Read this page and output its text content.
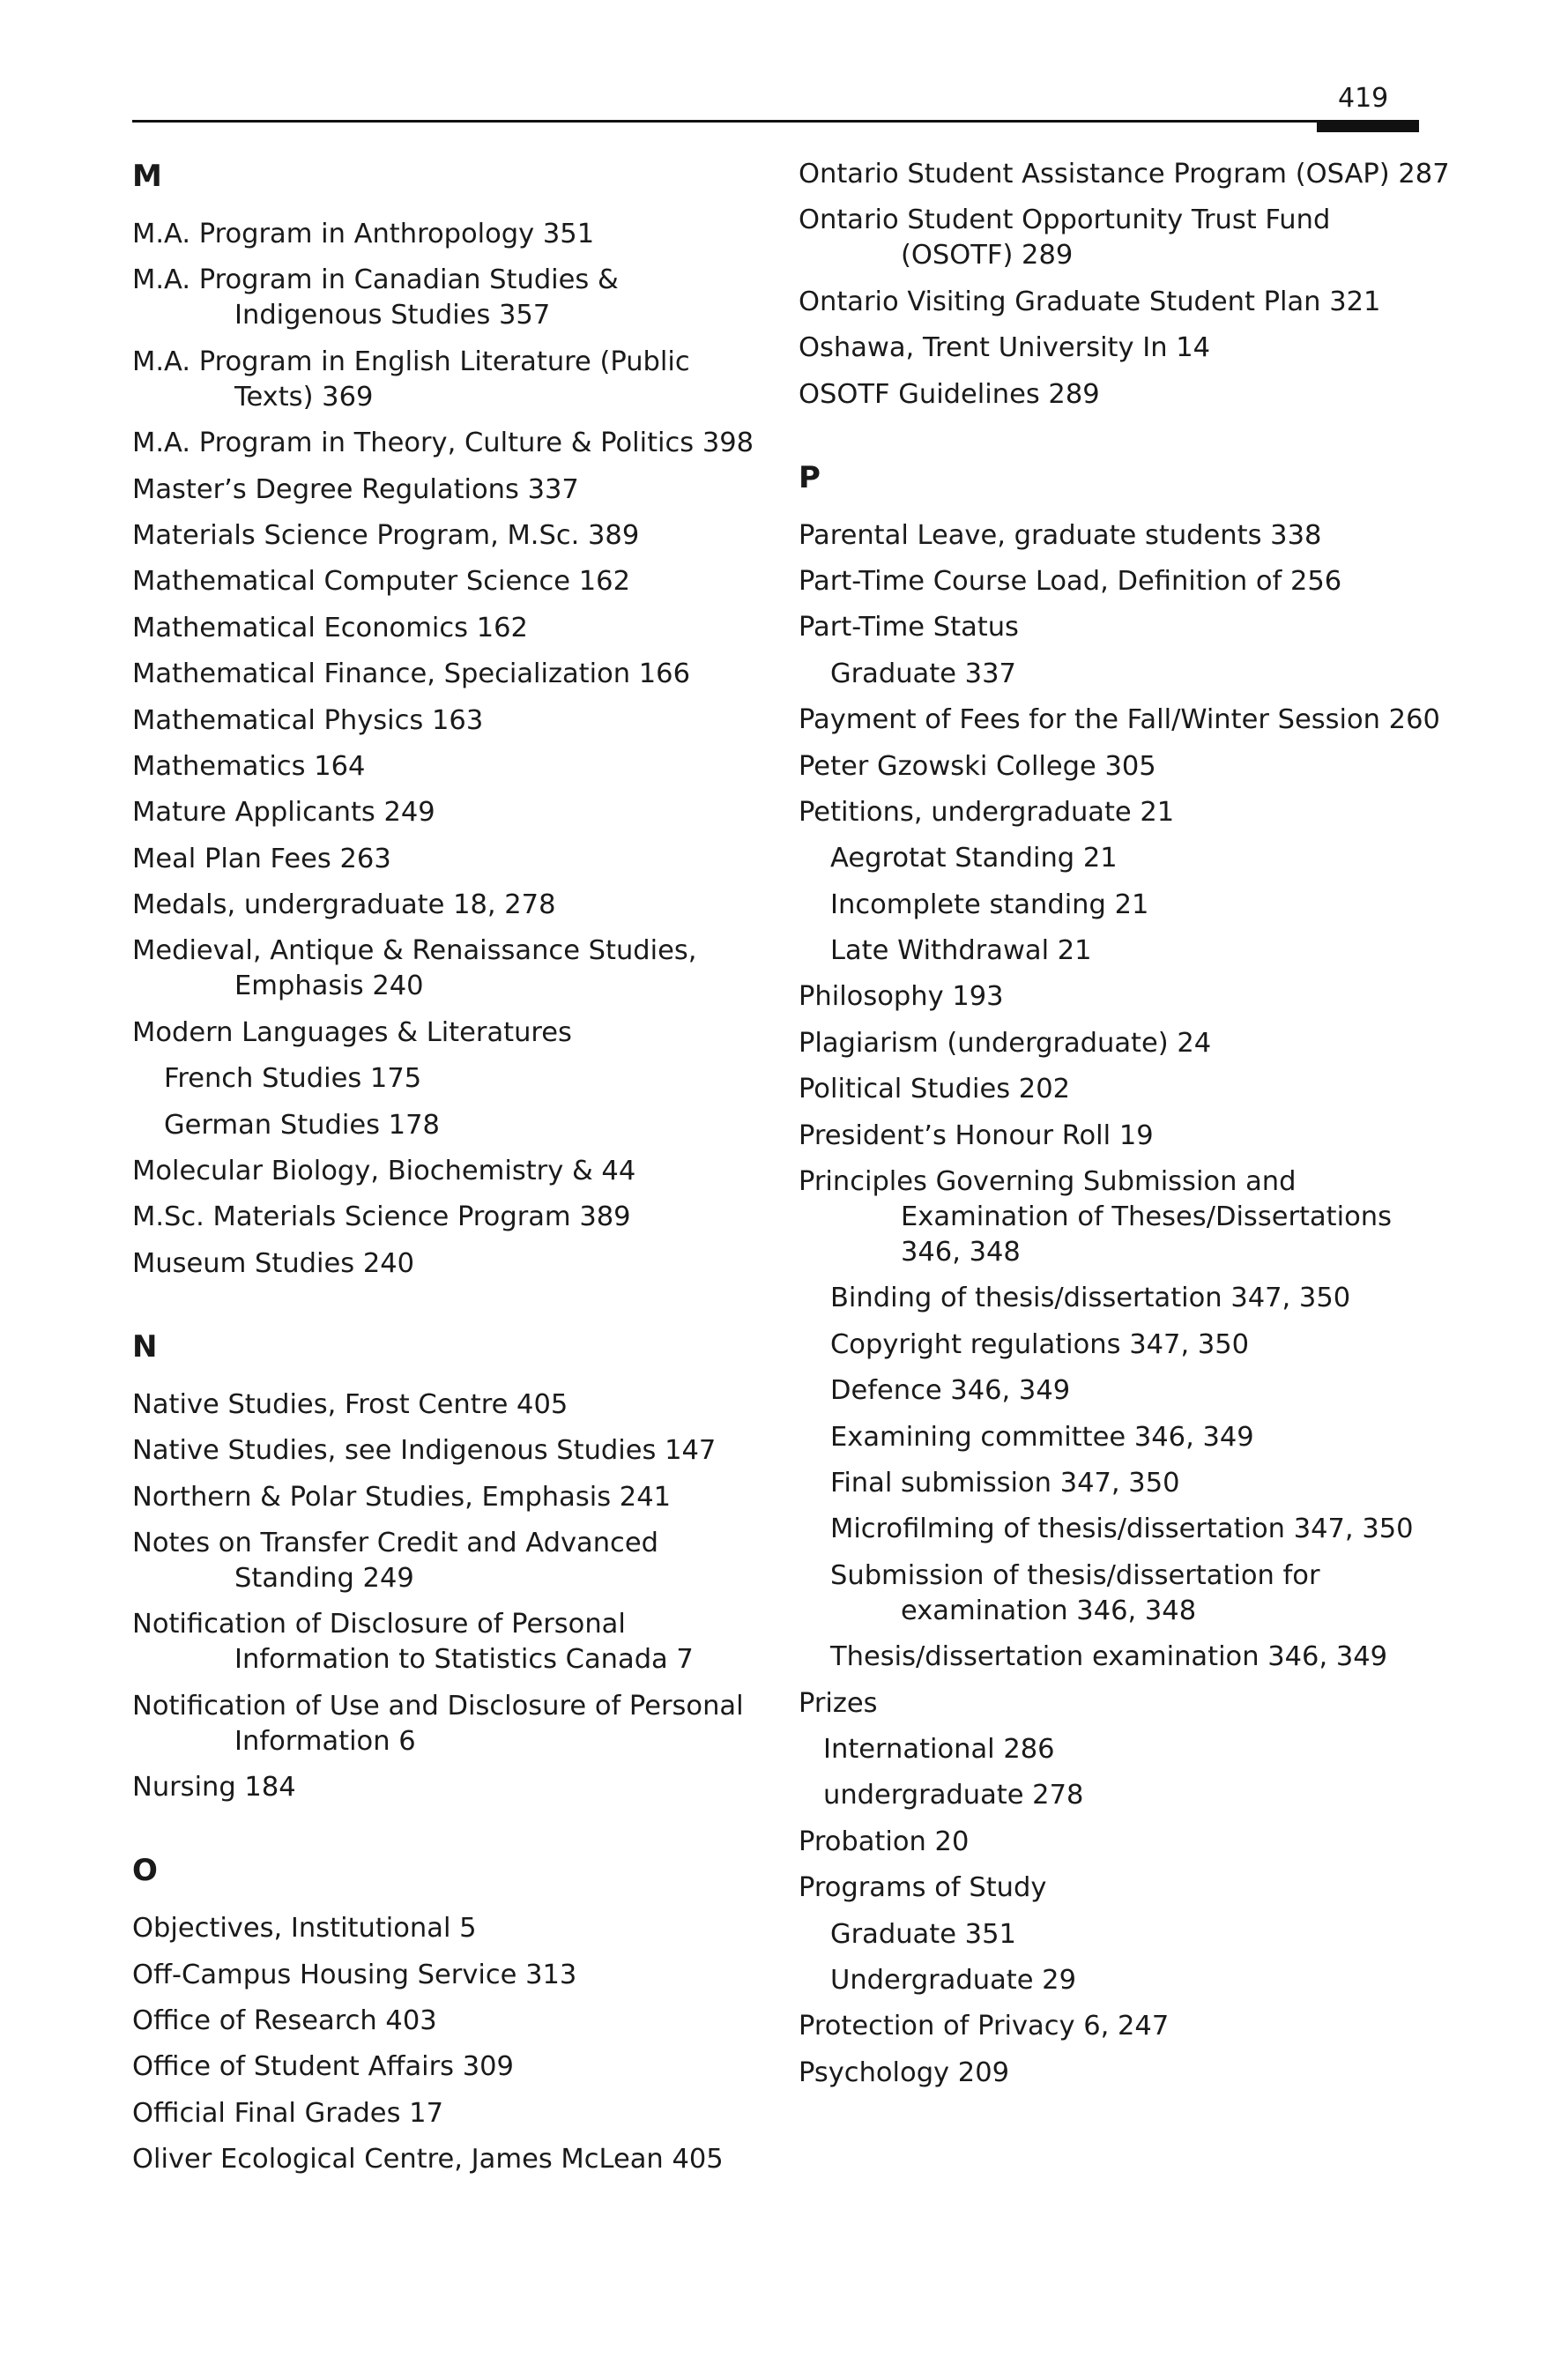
419
M
M.A. Program in Anthropology 351
M.A. Program in Canadian Studies & Indigenous Studies 357
M.A. Program in English Literature (Public Texts) 369
M.A. Program in Theory, Culture & Politics 398
Master’s Degree Regulations 337
Materials Science Program, M.Sc. 389
Mathematical Computer Science 162
Mathematical Economics 162
Mathematical Finance, Specialization 166
Mathematical Physics 163
Mathematics 164
Mature Applicants 249
Meal Plan Fees 263
Medals, undergraduate 18, 278
Medieval, Antique & Renaissance Studies, Emphasis 240
Modern Languages & Literatures
French Studies 175
German Studies 178
Molecular Biology, Biochemistry & 44
M.Sc. Materials Science Program 389
Museum Studies 240
N
Native Studies, Frost Centre 405
Native Studies, see Indigenous Studies 147
Northern & Polar Studies, Emphasis 241
Notes on Transfer Credit and Advanced Standing 249
Notification of Disclosure of Personal Information to Statistics Canada 7
Notification of Use and Disclosure of Personal Information 6
Nursing 184
O
Objectives, Institutional 5
Off-Campus Housing Service 313
Office of Research 403
Office of Student Affairs 309
Official Final Grades 17
Oliver Ecological Centre, James McLean 405
Ontario Student Assistance Program (OSAP) 287
Ontario Student Opportunity Trust Fund (OSOTF) 289
Ontario Visiting Graduate Student Plan 321
Oshawa, Trent University In 14
OSOTF Guidelines 289
P
Parental Leave, graduate students 338
Part-Time Course Load, Definition of 256
Part-Time Status
Graduate 337
Payment of Fees for the Fall/Winter Session 260
Peter Gzowski College 305
Petitions, undergraduate 21
Aegrotat Standing 21
Incomplete standing 21
Late Withdrawal 21
Philosophy 193
Plagiarism (undergraduate) 24
Political Studies 202
President’s Honour Roll 19
Principles Governing Submission and Examination of Theses/Dissertations 346, 348
Binding of thesis/dissertation 347, 350
Copyright regulations 347, 350
Defence 346, 349
Examining committee 346, 349
Final submission 347, 350
Microfilming of thesis/dissertation 347, 350
Submission of thesis/dissertation for examination 346, 348
Thesis/dissertation examination 346, 349
Prizes
International 286
undergraduate 278
Probation 20
Programs of Study
Graduate 351
Undergraduate 29
Protection of Privacy 6, 247
Psychology 209
